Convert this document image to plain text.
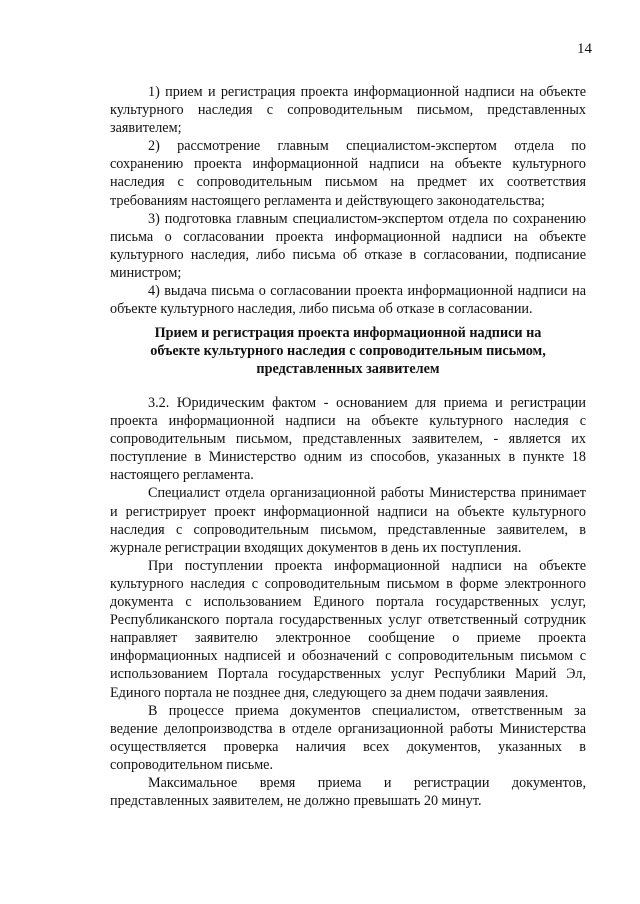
14

1) прием и регистрация проекта информационной надписи на объекте культурного наследия с сопроводительным письмом, представленных заявителем;

2) рассмотрение главным специалистом-экспертом отдела по сохранению проекта информационной надписи на объекте культурного наследия с сопроводительным письмом на предмет их соответствия требованиям настоящего регламента и действующего законодательства;

3) подготовка главным специалистом-экспертом отдела по сохранению письма о согласовании проекта информационной надписи на объекте культурного наследия, либо письма об отказе в согласовании, подписание министром;

4) выдача письма о согласовании проекта информационной надписи на объекте культурного наследия, либо письма об отказе в согласовании.

Прием и регистрация проекта информационной надписи на объекте культурного наследия с сопроводительным письмом, представленных заявителем

3.2. Юридическим фактом - основанием для приема и регистрации проекта информационной надписи на объекте культурного наследия с сопроводительным письмом, представленных заявителем, - является их поступление в Министерство одним из способов, указанных в пункте 18 настоящего регламента.

Специалист отдела организационной работы Министерства принимает и регистрирует проект информационной надписи на объекте культурного наследия с сопроводительным письмом, представленные заявителем, в журнале регистрации входящих документов в день их поступления.

При поступлении проекта информационной надписи на объекте культурного наследия с сопроводительным письмом в форме электронного документа с использованием Единого портала государственных услуг, Республиканского портала государственных услуг ответственный сотрудник направляет заявителю электронное сообщение о приеме проекта информационных надписей и обозначений с сопроводительным письмом с использованием Портала государственных услуг Республики Марий Эл, Единого портала не позднее дня, следующего за днем подачи заявления.

В процессе приема документов специалистом, ответственным за ведение делопроизводства в отделе организационной работы Министерства осуществляется проверка наличия всех документов, указанных в сопроводительном письме.

Максимальное время приема и регистрации документов, представленных заявителем, не должно превышать 20 минут.
